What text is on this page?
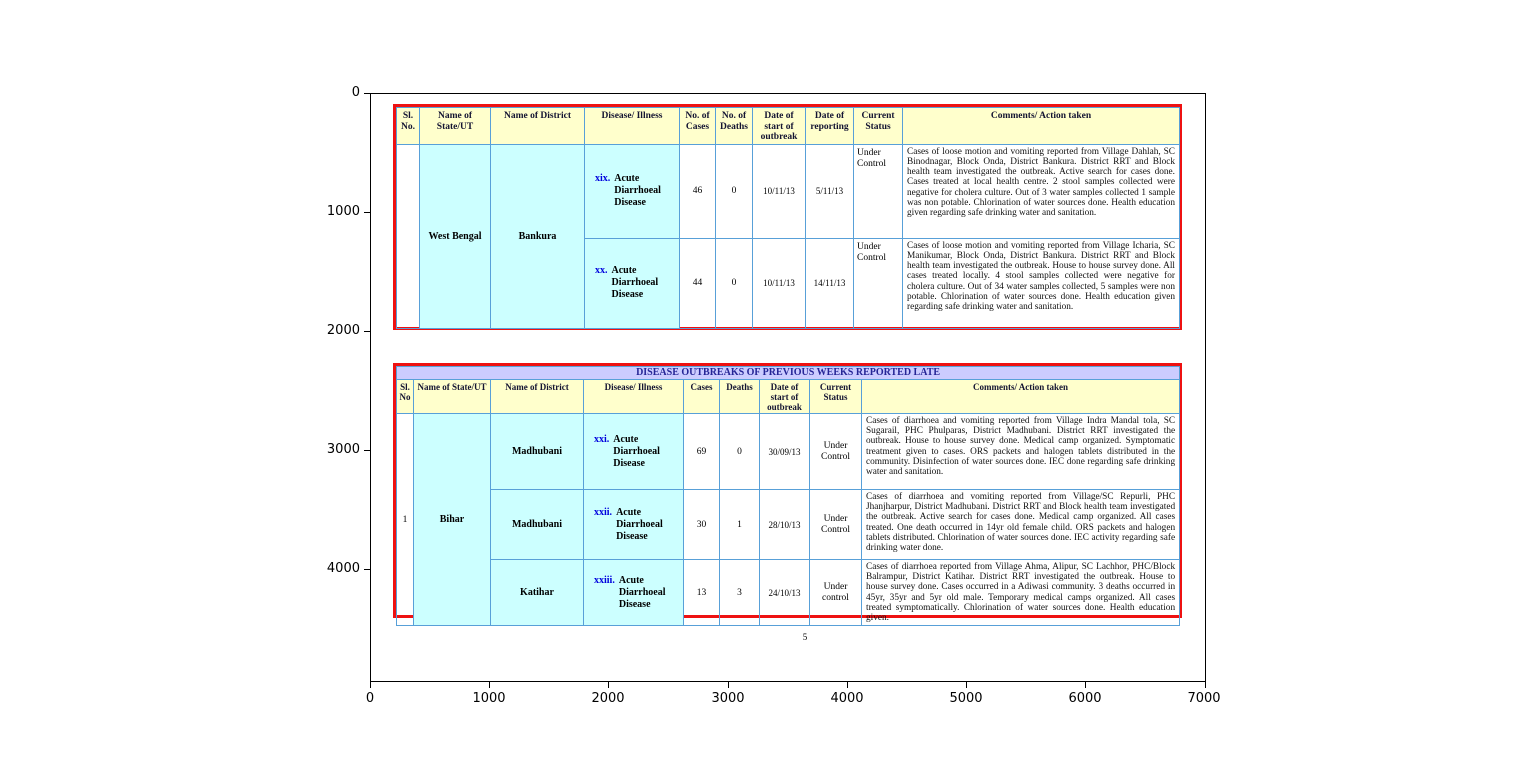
0
1000
2000
3000
4000
0	1000	2000	3000	4000	5000	6000	7000
Sl. No.	Name of State/UT	Name of District	Disease/ Illness	No. of Cases	No. of Deaths	Date of start of outbreak	Date of reporting	Current Status	Comments/ Action taken
	West Bengal	Bankura	xix. Acute Diarrhoeal Disease	46	0	10/11/13	5/11/13	Under Control	Cases of loose motion and vomiting reported from Village Dahlah, SC Binodnagar, Block Onda, District Bankura. District RRT and Block health team investigated the outbreak. Active search for cases done. Cases treated at local health centre. 2 stool samples collected were negative for cholera culture. Out of 3 water samples collected 1 sample was non potable. Chlorination of water sources done. Health education given regarding safe drinking water and sanitation.

			xx. Acute Diarrhoeal Disease	44	0	10/11/13	14/11/13	Under Control	Cases of loose motion and vomiting reported from Village Icharia, SC Manikumar, Block Onda, District Bankura. District RRT and Block health team investigated the outbreak. House to house survey done. All cases treated locally. 4 stool samples collected were negative for cholera culture. Out of 34 water samples collected, 5 samples were non potable. Chlorination of water sources done. Health education given regarding safe drinking water and sanitation.
DISEASE OUTBREAKS OF PREVIOUS WEEKS REPORTED LATE								
Sl. No	Name of State/UT	Name of District	Disease/ Illness	Cases	Deaths	Date of start of outbreak	Current Status	Comments/ Action taken
1	Bihar	Madhubani	xxi. Acute Diarrhoeal Disease	69	0	30/09/13	Under Control	Cases of diarrhoea and vomiting reported from Village Indra Mandal tola, SC Sugarail, PHC Phulparas, District Madhubani. District RRT investigated the outbreak. House to house survey done. Medical camp organized. Symptomatic treatment given to cases. ORS packets and halogen tablets distributed in the community. Disinfection of water sources done. IEC done regarding safe drinking water and sanitation.
		Madhubani	xxii. Acute Diarrhoeal Disease	30	1	28/10/13	Under Control	Cases of diarrhoea and vomiting reported from Village/SC Repurli, PHC Jhanjharpur, District Madhubani. District RRT and Block health team investigated the outbreak. Active search for cases done. Medical camp organized. All cases treated. One death occurred in 14yr old female child. ORS packets and halogen tablets distributed. Chlorination of water sources done. IEC activity regarding safe drinking water done.
		Katihar	xxiii. Acute Diarrhoeal Disease	13	3	24/10/13	Under control	Cases of diarrhoea reported from Village Ahma, Alipur, SC Lachhor, PHC/Block Balrampur, District Katihar. District RRT investigated the outbreak. House to house survey done. Cases occurred in a Adiwasi community. 3 deaths occurred in 45yr, 35yr and 5yr old male. Temporary medical camps organized. All cases treated symptomatically. Chlorination of water sources done. Health education given.
5
